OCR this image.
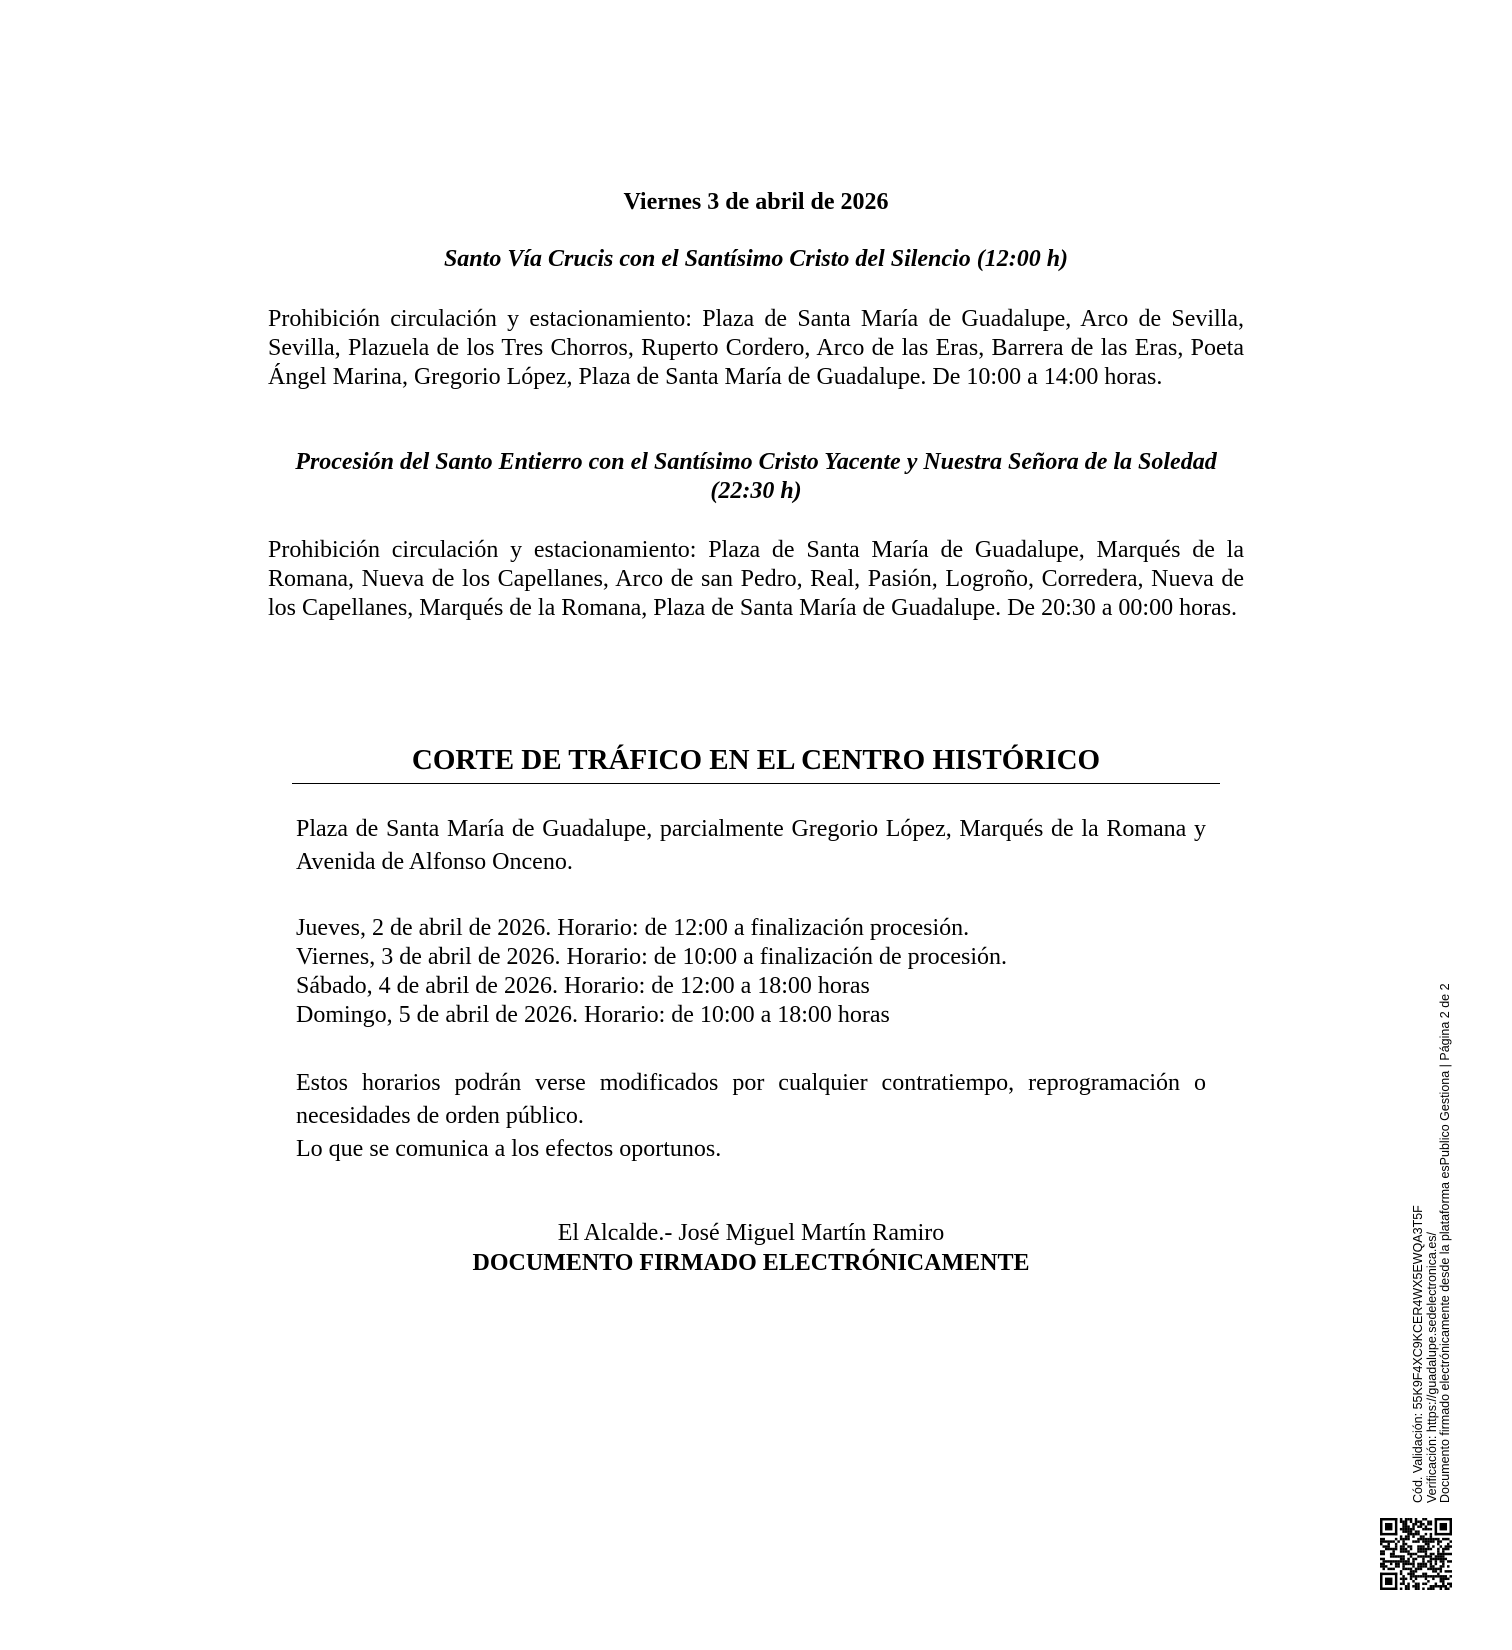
Viernes 3 de abril de 2026
Santo Vía Crucis con el Santísimo Cristo del Silencio (12:00 h)
Prohibición circulación y estacionamiento: Plaza de Santa María de Guadalupe, Arco de Sevilla, Sevilla, Plazuela de los Tres Chorros, Ruperto Cordero, Arco de las Eras, Barrera de las Eras, Poeta Ángel Marina, Gregorio López, Plaza de Santa María de Guadalupe. De 10:00 a 14:00 horas.
Procesión del Santo Entierro con el Santísimo Cristo Yacente y Nuestra Señora de la Soledad
(22:30 h)
Prohibición circulación y estacionamiento: Plaza de Santa María de Guadalupe, Marqués de la Romana, Nueva de los Capellanes, Arco de san Pedro, Real, Pasión, Logroño, Corredera, Nueva de los Capellanes, Marqués de la Romana, Plaza de Santa María de Guadalupe. De 20:30 a 00:00 horas.
CORTE DE TRÁFICO EN EL CENTRO HISTÓRICO
Plaza de Santa María de Guadalupe, parcialmente Gregorio López, Marqués de la Romana y Avenida de Alfonso Onceno.
Jueves, 2 de abril de 2026. Horario: de 12:00 a finalización procesión.
Viernes, 3 de abril de 2026. Horario: de 10:00 a finalización de procesión.
Sábado, 4 de abril de 2026. Horario: de 12:00 a 18:00 horas
Domingo, 5 de abril de 2026. Horario: de 10:00 a 18:00 horas
Estos horarios podrán verse modificados por cualquier contratiempo, reprogramación o necesidades de orden público.
Lo que se comunica a los efectos oportunos.
El Alcalde.- José Miguel Martín Ramiro
DOCUMENTO FIRMADO ELECTRÓNICAMENTE	Cód. Validación: 55K9F4XC9KCER4WX5EWQA3T5F Verificación: https://guadalupe.sedelectronica.es/ Documento firmado electrónicamente desde la plataforma esPublico Gestiona | Página 2 de 2
